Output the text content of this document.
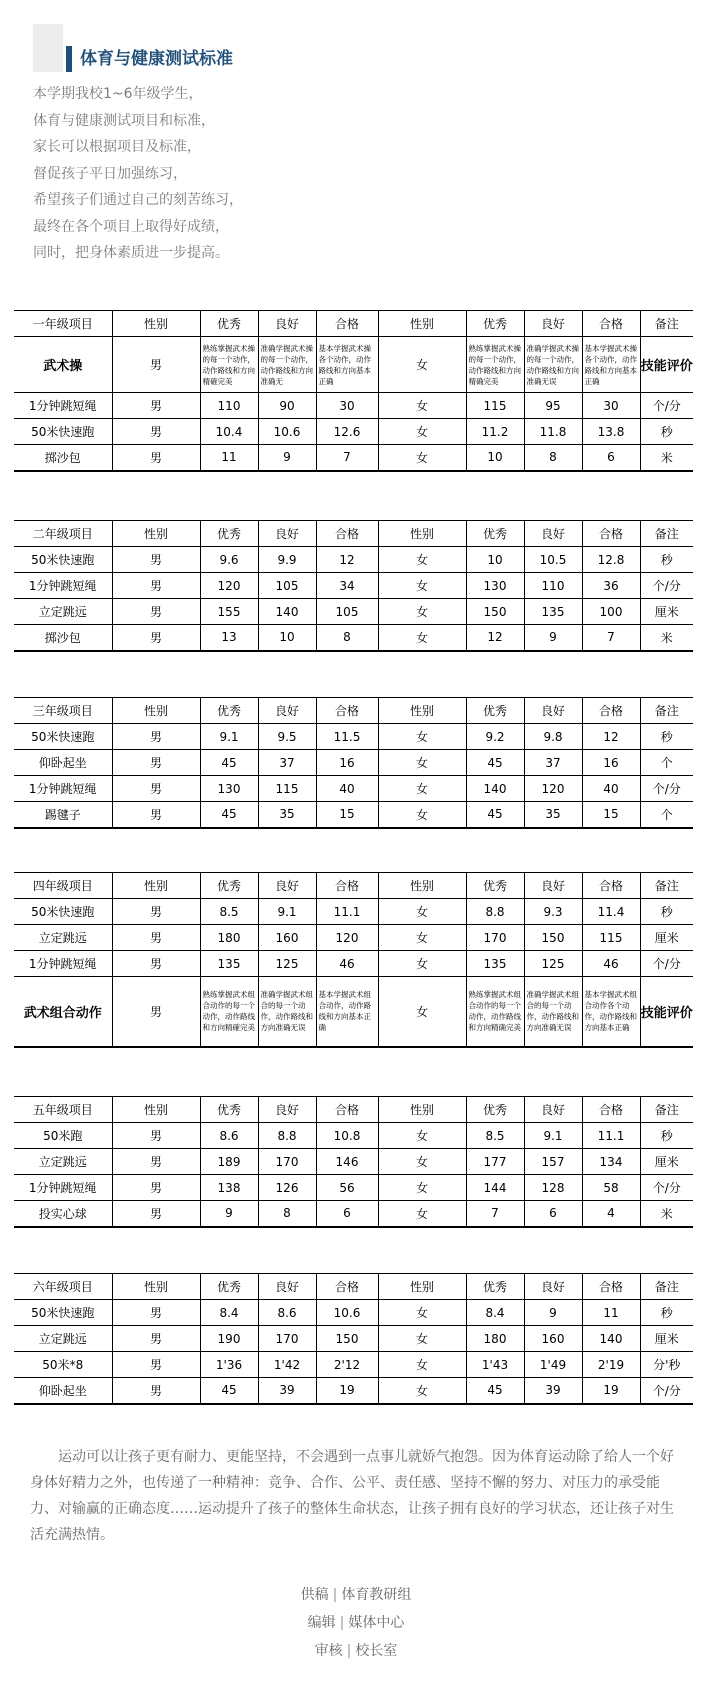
体育与健康测试标准
本学期我校1~6年级学生，
体育与健康测试项目和标准，
家长可以根据项目及标准，
督促孩子平日加强练习，
希望孩子们通过自己的刻苦练习，
最终在各个项目上取得好成绩，
同时，把身体素质进一步提高。
一年级项目	性别	优秀	良好	合格	性别	优秀	良好	合格	备注
武术操	男	熟练掌握武术操的每一个动作，动作路线和方向精確完美	准确学握武术操的每一个动作，动作路线和方向准确无	基本学握武术操各个动作，动作路线和方向基本正确	女	熟练掌握武术操的每一个动作，动作路线和方向精确完美	准确学握武术操的每一个动作，动作路线和方向准确无误	基本学握武术操各个动作，动作路线和方向基本正确	技能评价
1分钟跳短绳	男	110	90	30	女	115	95	30	个/分
50米快速跑	男	10.4	10.6	12.6	女	11.2	11.8	13.8	秒
掷沙包	男	11	9	7	女	10	8	6	米
二年级项目	性别	优秀	良好	合格	性别	优秀	良好	合格	备注
50米快速跑	男	9.6	9.9	12	女	10	10.5	12.8	秒
1分钟跳短绳	男	120	105	34	女	130	110	36	个/分
立定跳远	男	155	140	105	女	150	135	100	厘米
掷沙包	男	13	10	8	女	12	9	7	米
三年级项目	性别	优秀	良好	合格	性别	优秀	良好	合格	备注
50米快速跑	男	9.1	9.5	11.5	女	9.2	9.8	12	秒
仰卧起坐	男	45	37	16	女	45	37	16	个
1分钟跳短绳	男	130	115	40	女	140	120	40	个/分
踢毽子	男	45	35	15	女	45	35	15	个
四年级项目	性别	优秀	良好	合格	性别	优秀	良好	合格	备注
50米快速跑	男	8.5	9.1	11.1	女	8.8	9.3	11.4	秒
立定跳远	男	180	160	120	女	170	150	115	厘米
1分钟跳短绳	男	135	125	46	女	135	125	46	个/分
武术组合动作	男	熟练掌握武术组合动作的每一个动作，动作路线和方向精確完美	准确学握武术组合的每一个动作，动作路线和方向准确无误	基本学握武术组合动作，动作路线和方向基本正确	女	熟练掌握武术组合动作的每一个动作，动作路线和方向精确完美	准确学握武术组合的每一个动作，动作路线和方向准确无误	基本学握武术组合动作各个动作，动作路线和方向基本正确	技能评价
五年级项目	性别	优秀	良好	合格	性别	优秀	良好	合格	备注
50米跑	男	8.6	8.8	10.8	女	8.5	9.1	11.1	秒
立定跳远	男	189	170	146	女	177	157	134	厘米
1分钟跳短绳	男	138	126	56	女	144	128	58	个/分
投实心球	男	9	8	6	女	7	6	4	米
六年级项目	性别	优秀	良好	合格	性别	优秀	良好	合格	备注
50米快速跑	男	8.4	8.6	10.6	女	8.4	9	11	秒
立定跳远	男	190	170	150	女	180	160	140	厘米
50米*8	男	1'36	1'42	2'12	女	1'43	1'49	2'19	分'秒
仰卧起坐	男	45	39	19	女	45	39	19	个/分
运动可以让孩子更有耐力、更能坚持，不会遇到一点事儿就娇气抱怨。因为体育运动除了给人一个好身体好精力之外，也传递了一种精神：竞争、合作、公平、责任感、坚持不懈的努力、对压力的承受能力、对输赢的正确态度……运动提升了孩子的整体生命状态，让孩子拥有良好的学习状态，还让孩子对生活充满热情。
供稿 | 体育教研组
编辑 | 媒体中心
审核 | 校长室
